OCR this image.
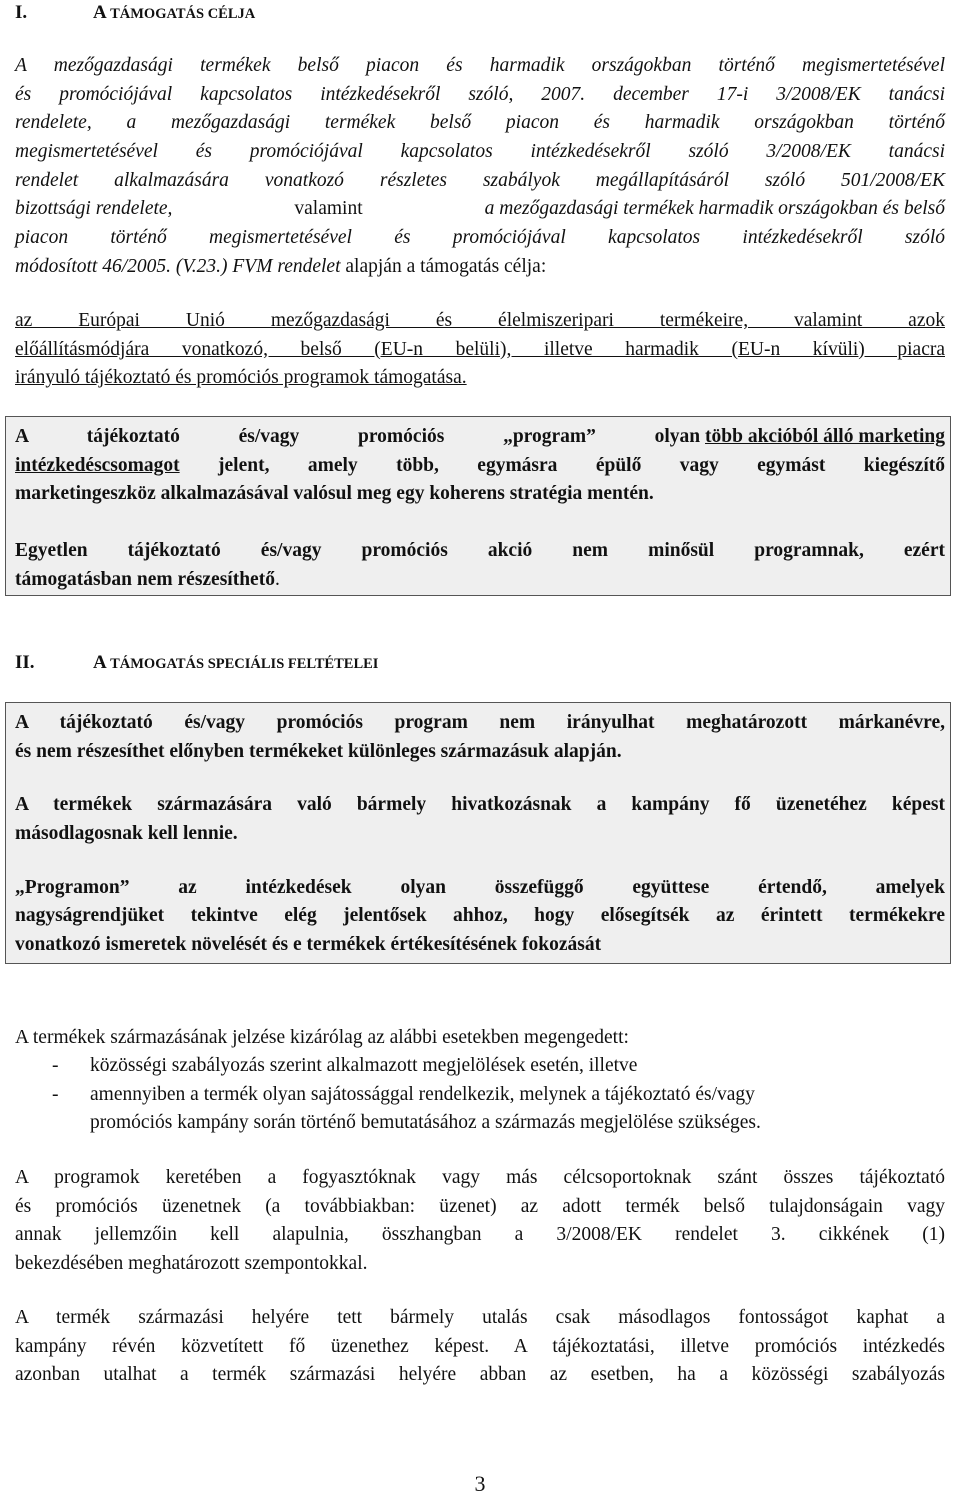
I.	A TÁMOGATÁS CÉLJA
A mezőgazdasági termékek belső piacon és harmadik országokban történő megismertetésével
és promóciójával kapcsolatos intézkedésekről szóló, 2007. december 17-i 3/2008/EK tanácsi
rendelete, a mezőgazdasági termékek belső piacon és harmadik országokban történő
megismertetésével és promóciójával kapcsolatos intézkedésekről szóló 3/2008/EK tanácsi
rendelet alkalmazására vonatkozó részletes szabályok megállapításáról szóló 501/2008/EK
bizottsági rendelete,	valamint	a mezőgazdasági termékek harmadik országokban és belső
piacon történő megismertetésével és promóciójával kapcsolatos intézkedésekről szóló
módosított 46/2005. (V.23.) FVM rendelet alapján a támogatás célja:
az Európai Unió mezőgazdasági és élelmiszeripari termékeire, valamint azok
előállításmódjára vonatkozó, belső (EU-n belüli), illetve harmadik (EU-n kívüli) piacra
irányuló tájékoztató és promóciós programok támogatása.
A tájékoztató és/vagy promóciós „program” olyan több akcióból álló marketing
intézkedéscsomagot jelent, amely több, egymásra épülő vagy egymást kiegészítő
marketingeszköz alkalmazásával valósul meg egy koherens stratégia mentén.
Egyetlen tájékoztató és/vagy promóciós akció nem minősül programnak, ezért
támogatásban nem részesíthető.
II.	A TÁMOGATÁS SPECIÁLIS FELTÉTELEI
A tájékoztató és/vagy promóciós program nem irányulhat meghatározott márkanévre,
és nem részesíthet előnyben termékeket különleges származásuk alapján.
A termékek származására való bármely hivatkozásnak a kampány fő üzenetéhez képest
másodlagosnak kell lennie.
„Programon” az intézkedések olyan összefüggő együttese értendő, amelyek
nagyságrendjüket tekintve elég jelentősek ahhoz, hogy elősegítsék az érintett termékekre
vonatkozó ismeretek növelését és e termékek értékesítésének fokozását
A termékek származásának jelzése kizárólag az alábbi esetekben megengedett:
- közösségi szabályozás szerint alkalmazott megjelölések esetén, illetve
- amennyiben a termék olyan sajátossággal rendelkezik, melynek a tájékoztató és/vagy
promóciós kampány során történő bemutatásához a származás megjelölése szükséges.
A programok keretében a fogyasztóknak vagy más célcsoportoknak szánt összes tájékoztató
és promóciós üzenetnek (a továbbiakban: üzenet) az adott termék belső tulajdonságain vagy
annak jellemzőin kell alapulnia, összhangban a 3/2008/EK rendelet 3. cikkének (1)
bekezdésében meghatározott szempontokkal.
A termék származási helyére tett bármely utalás csak másodlagos fontosságot kaphat a
kampány révén közvetített fő üzenethez képest. A tájékoztatási, illetve promóciós intézkedés
azonban utalhat a termék származási helyére abban az esetben, ha a közösségi szabályozás
3
